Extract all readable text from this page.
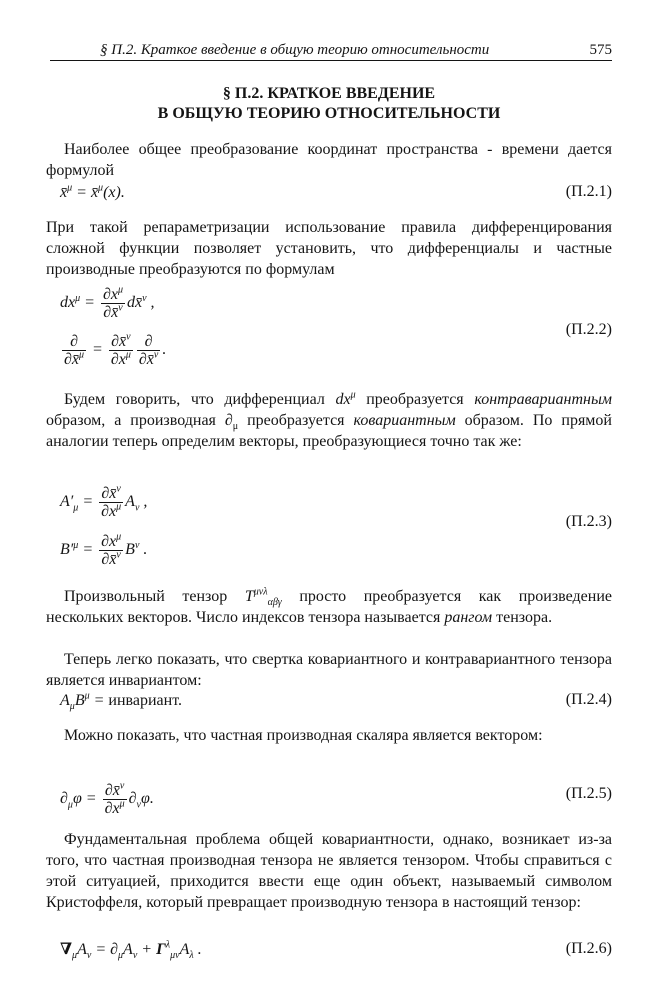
§ П.2. Краткое введение в общую теорию относительности	575
§ П.2. КРАТКОЕ ВВЕДЕНИЕ
В ОБЩУЮ ТЕОРИЮ ОТНОСИТЕЛЬНОСТИ
Наиболее общее преобразование координат пространства - времени дается формулой
x̄$^\mu$ = x̄$^\mu$(x).	(П.2.1)
При такой репараметризации использование правила дифференцирования сложной функции позволяет установить, что дифференциалы и частные производные преобразуются по формулам
$dx^\mu = \frac{\partial x^\mu}{\partial x̄^\nu}$ dx̄$^\nu$ ,
∂
∂x̄$^\mu$ = $\frac{\partial x̄^\nu}{\partial x^\mu}$ ∂
∂x̄$^\nu$ .
(П.2.2)
Будем говорить, что дифференциал $dx^\mu$ преобразуется контравариантным образом, а производная $\partial_\mu$ преобразуется ковариантным образом. По прямой аналогии теперь определим векторы, преобразующиеся точно так же:
$A'_\mu = \frac{\partial x̄^\nu}{\partial x^\mu} A_\nu$ ,
$B'^\mu = \frac{\partial x^\mu}{\partial x̄^\nu} B^\nu$ .
(П.2.3)
Произвольный тензор $T^{\mu\nu\lambda}_{\alpha\beta\gamma}$ просто преобразуется как произведение нескольких векторов. Число индексов тензора называется рангом тензора.
Теперь легко показать, что свертка ковариантного и контравариантного тензора является инвариантом:
$A_\mu B^\mu$ = инвариант.	(П.2.4)
Можно показать, что частная производная скаляра является вектором:
$\partial_\mu\varphi = \frac{\partial x̄^\nu}{\partial x^\mu} \partial_\nu\varphi$.	(П.2.5)
Фундаментальная проблема общей ковариантности, однако, возникает из-за того, что частная производная тензора не является тензором. Чтобы справиться с этой ситуацией, приходится ввести еще один объект, называемый символом Кристоффеля, который превращает производную тензора в настоящий тензор:
$\nabla_\mu A_\nu = \partial_\mu A_\nu + \Gamma^\lambda_{\mu\nu}A_\lambda$ .	(П.2.6)
